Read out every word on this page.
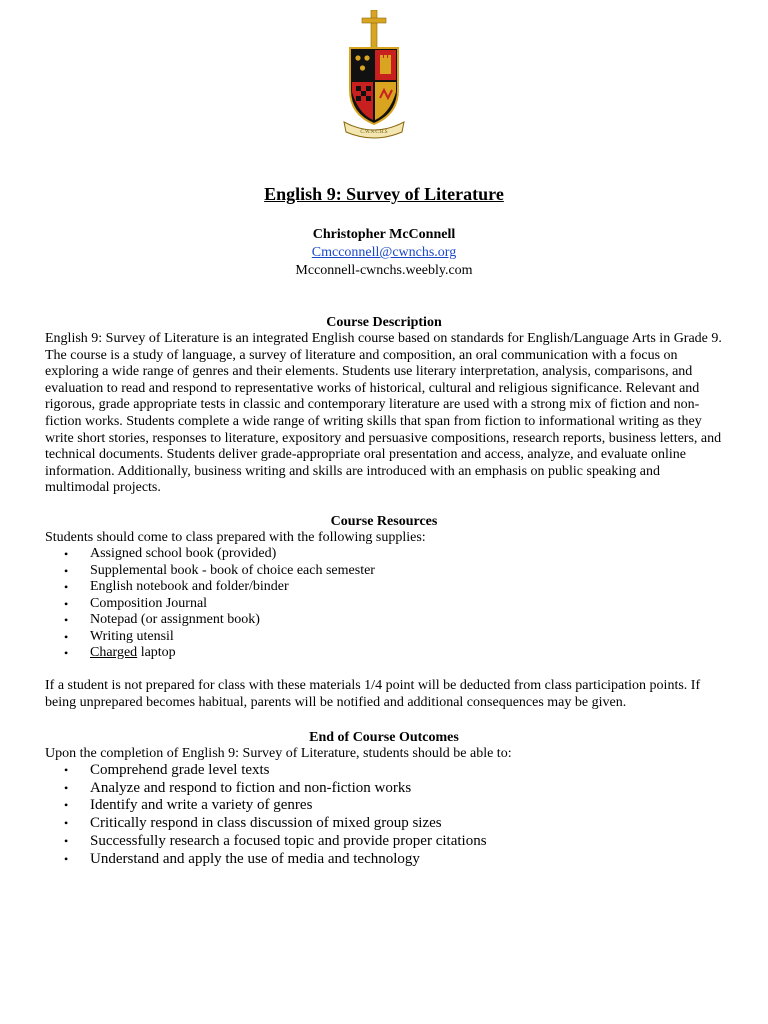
C.W.N.C.H.S
English 9: Survey of Literature
Christopher McConnell
Cmcconnell@cwnchs.org
Mcconnell-cwnchs.weebly.com
Course Description
English 9: Survey of Literature is an integrated English course based on standards for English/Language Arts in Grade 9. The course is a study of language, a survey of literature and composition, an oral communication with a focus on exploring a wide range of genres and their elements. Students use literary interpretation, analysis, comparisons, and evaluation to read and respond to representative works of historical, cultural and religious significance. Relevant and rigorous, grade appropriate tests in classic and contemporary literature are used with a strong mix of fiction and non-fiction works. Students complete a wide range of writing skills that span from fiction to informational writing as they write short stories, responses to literature, expository and persuasive compositions, research reports, business letters, and technical documents. Students deliver grade-appropriate oral presentation and access, analyze, and evaluate online information. Additionally, business writing and skills are introduced with an emphasis on public speaking and multimodal projects.
Course Resources
Students should come to class prepared with the following supplies:
• Assigned school book (provided)
• Supplemental book - book of choice each semester
• English notebook and folder/binder
• Composition Journal
• Notepad (or assignment book)
• Writing utensil
• Charged laptop
If a student is not prepared for class with these materials 1/4 point will be deducted from class participation points. If being unprepared becomes habitual, parents will be notified and additional consequences may be given.
End of Course Outcomes
Upon the completion of English 9: Survey of Literature, students should be able to:
• Comprehend grade level texts
• Analyze and respond to fiction and non-fiction works
• Identify and write a variety of genres
• Critically respond in class discussion of mixed group sizes
• Successfully research a focused topic and provide proper citations
• Understand and apply the use of media and technology
